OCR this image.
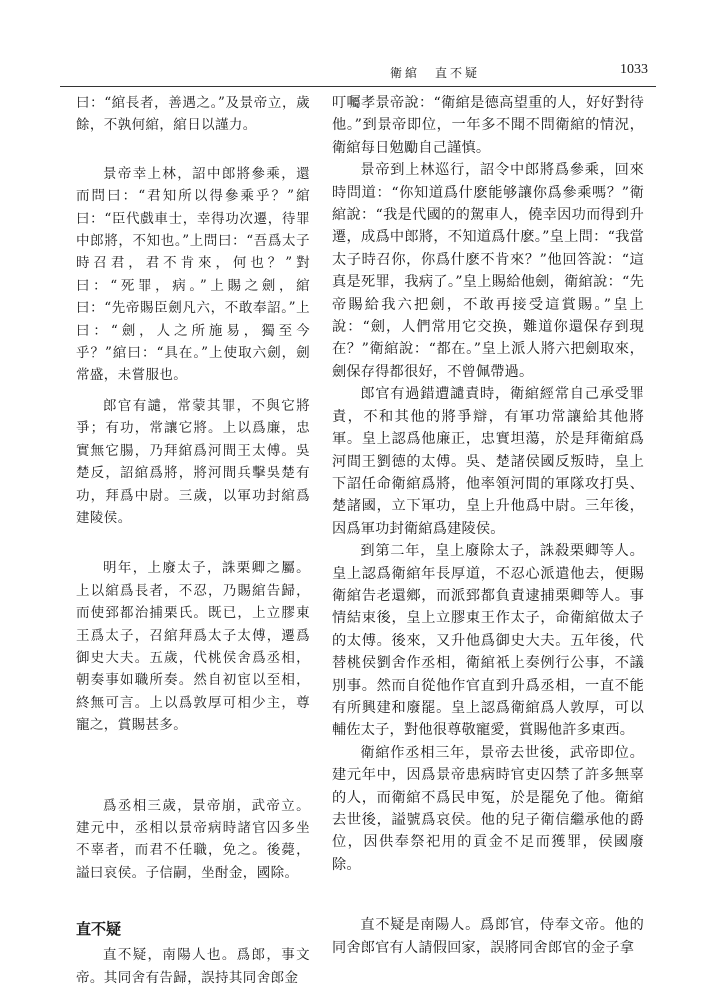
衛綰　直不疑	1033

曰：“綰長者，善遇之。”及景帝立，歲餘，不孰何綰，綰日以謹力。

景帝幸上林，詔中郎將參乘，還而問曰：“君知所以得參乘乎？”綰曰：“臣代戲車士，幸得功次遷，待罪中郎將，不知也。”上問曰：“吾爲太子時召君，君不肯來，何也？”對曰：“死罪，病。”上賜之劍，綰曰：“先帝賜臣劍凡六，不敢奉詔。”上曰：“劍，人之所施易，獨至今乎？”綰曰：“具在。”上使取六劍，劍常盛，未嘗服也。

郎官有譴，常蒙其罪，不與它將爭；有功，常讓它將。上以爲廉，忠實無它腸，乃拜綰爲河間王太傅。吳楚反，詔綰爲將，將河間兵擊吳楚有功，拜爲中尉。三歲，以軍功封綰爲建陵侯。

明年，上廢太子，誅栗卿之屬。上以綰爲長者，不忍，乃賜綰告歸，而使郅都治捕栗氏。既已，上立膠東王爲太子，召綰拜爲太子太傅，遷爲御史大夫。五歲，代桃侯舍爲丞相，朝奏事如職所奏。然自初宦以至相，終無可言。上以爲敦厚可相少主，尊寵之，賞賜甚多。

爲丞相三歲，景帝崩，武帝立。建元中，丞相以景帝病時諸官囚多坐不辜者，而君不任職，免之。後薨，謚曰哀侯。子信嗣，坐酎金，國除。

直不疑

直不疑，南陽人也。爲郎，事文帝。其同舍有告歸，誤持其同舍郎金

叮囑孝景帝說：“衛綰是德高望重的人，好好對待他。”到景帝即位，一年多不聞不問衛綰的情況，衛綰每日勉勵自己謹慎。

景帝到上林巡行，詔令中郎將爲參乘，回來時問道：“你知道爲什麽能够讓你爲參乘嗎？”衛綰說：“我是代國的的駕車人，僥幸因功而得到升遷，成爲中郎將，不知道爲什麽。”皇上問：“我當太子時召你，你爲什麽不肯來？”他回答說：“這真是死罪，我病了。”皇上賜給他劍，衛綰說：“先帝賜給我六把劍，不敢再接受這賞賜。”皇上說：“劍，人們常用它交换，難道你還保存到現在？”衛綰說：“都在。”皇上派人將六把劍取來，劍保存得都很好，不曾佩帶過。

郎官有過錯遭譴責時，衛綰經常自己承受罪責，不和其他的將爭辯，有軍功常讓給其他將軍。皇上認爲他廉正，忠實坦蕩，於是拜衛綰爲河間王劉德的太傅。吳、楚諸侯國反叛時，皇上下詔任命衛綰爲將，他率領河間的軍隊攻打吳、楚諸國，立下軍功，皇上升他爲中尉。三年後，因爲軍功封衛綰爲建陵侯。

到第二年，皇上廢除太子，誅殺栗卿等人。皇上認爲衛綰年長厚道，不忍心派遣他去，便賜衛綰告老還鄉，而派郅都負責逮捕栗卿等人。事情結束後，皇上立膠東王作太子，命衛綰做太子的太傅。後來，又升他爲御史大夫。五年後，代替桃侯劉舍作丞相，衛綰衹上奏例行公事，不議別事。然而自從他作官直到升爲丞相，一直不能有所興建和廢罷。皇上認爲衛綰爲人敦厚，可以輔佐太子，對他很尊敬寵愛，賞賜他許多東西。

衛綰作丞相三年，景帝去世後，武帝即位。建元年中，因爲景帝患病時官吏囚禁了許多無辜的人，而衛綰不爲民申冤，於是罷免了他。衛綰去世後，謚號爲哀侯。他的兒子衛信繼承他的爵位，因供奉祭祀用的貢金不足而獲罪，侯國廢除。

直不疑是南陽人。爲郎官，侍奉文帝。他的同舍郎官有人請假回家，誤將同舍郎官的金子拿
